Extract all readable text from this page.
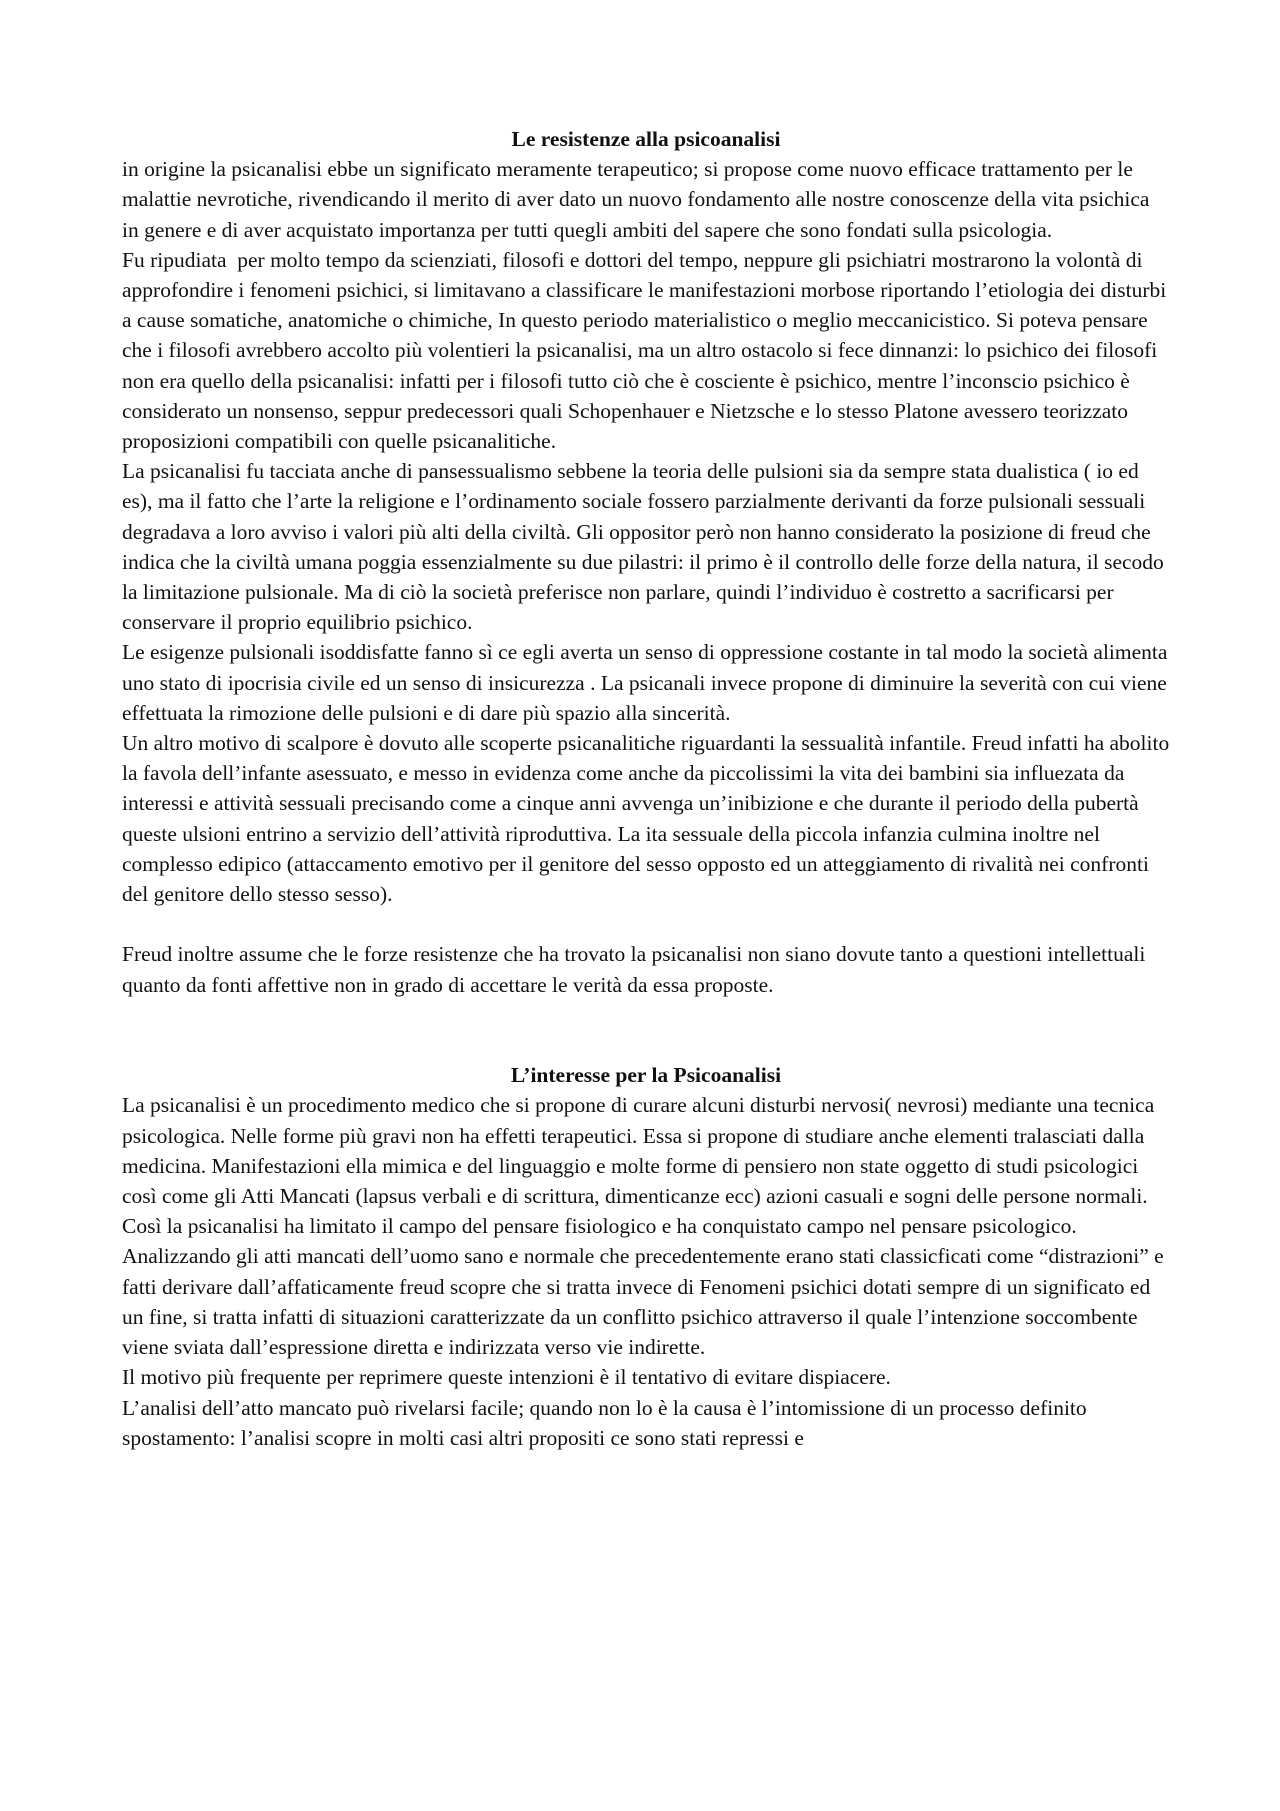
Le resistenze alla psicoanalisi

in origine la psicanalisi ebbe un significato meramente terapeutico; si propose come nuovo efficace trattamento per le malattie nevrotiche, rivendicando il merito di aver dato un nuovo fondamento alle nostre conoscenze della vita psichica in genere e di aver acquistato importanza per tutti quegli ambiti del sapere che sono fondati sulla psicologia.

Fu ripudiata  per molto tempo da scienziati, filosofi e dottori del tempo, neppure gli psichiatri mostrarono la volontà di approfondire i fenomeni psichici, si limitavano a classificare le manifestazioni morbose riportando l’etiologia dei disturbi a cause somatiche, anatomiche o chimiche, In questo periodo materialistico o meglio meccanicistico. Si poteva pensare che i filosofi avrebbero accolto più volentieri la psicanalisi, ma un altro ostacolo si fece dinnanzi: lo psichico dei filosofi non era quello della psicanalisi: infatti per i filosofi tutto ciò che è cosciente è psichico, mentre l’inconscio psichico è considerato un nonsenso, seppur predecessori quali Schopenhauer e Nietzsche e lo stesso Platone avessero teorizzato proposizioni compatibili con quelle psicanalitiche.

La psicanalisi fu tacciata anche di pansessualismo sebbene la teoria delle pulsioni sia da sempre stata dualistica ( io ed es), ma il fatto che l’arte la religione e l’ordinamento sociale fossero parzialmente derivanti da forze pulsionali sessuali degradava a loro avviso i valori più alti della civiltà. Gli oppositor però non hanno considerato la posizione di freud che indica che la civiltà umana poggia essenzialmente su due pilastri: il primo è il controllo delle forze della natura, il secodo la limitazione pulsionale. Ma di ciò la società preferisce non parlare, quindi l’individuo è costretto a sacrificarsi per conservare il proprio equilibrio psichico.

Le esigenze pulsionali isoddisfatte fanno sì ce egli averta un senso di oppressione costante in tal modo la società alimenta uno stato di ipocrisia civile ed un senso di insicurezza . La psicanali invece propone di diminuire la severità con cui viene effettuata la rimozione delle pulsioni e di dare più spazio alla sincerità.

Un altro motivo di scalpore è dovuto alle scoperte psicanalitiche riguardanti la sessualità infantile. Freud infatti ha abolito la favola dell’infante asessuato, e messo in evidenza come anche da piccolissimi la vita dei bambini sia influezata da interessi e attività sessuali precisando come a cinque anni avvenga un’inibizione e che durante il periodo della pubertà queste ulsioni entrino a servizio dell’attività riproduttiva. La ita sessuale della piccola infanzia culmina inoltre nel complesso edipico (attaccamento emotivo per il genitore del sesso opposto ed un atteggiamento di rivalità nei confronti del genitore dello stesso sesso).

Freud inoltre assume che le forze resistenze che ha trovato la psicanalisi non siano dovute tanto a questioni intellettuali quanto da fonti affettive non in grado di accettare le verità da essa proposte.

L’interesse per la Psicoanalisi

La psicanalisi è un procedimento medico che si propone di curare alcuni disturbi nervosi( nevrosi) mediante una tecnica psicologica. Nelle forme più gravi non ha effetti terapeutici. Essa si propone di studiare anche elementi tralasciati dalla medicina. Manifestazioni ella mimica e del linguaggio e molte forme di pensiero non state oggetto di studi psicologici così come gli Atti Mancati (lapsus verbali e di scrittura, dimenticanze ecc) azioni casuali e sogni delle persone normali.

Così la psicanalisi ha limitato il campo del pensare fisiologico e ha conquistato campo nel pensare psicologico.

Analizzando gli atti mancati dell’uomo sano e normale che precedentemente erano stati classicficati come “distrazioni” e fatti derivare dall’affaticamente freud scopre che si tratta invece di Fenomeni psichici dotati sempre di un significato ed un fine, si tratta infatti di situazioni caratterizzate da un conflitto psichico attraverso il quale l’intenzione soccombente viene sviata dall’espressione diretta e indirizzata verso vie indirette.

Il motivo più frequente per reprimere queste intenzioni è il tentativo di evitare dispiacere.

L’analisi dell’atto mancato può rivelarsi facile; quando non lo è la causa è l’intomissione di un processo definito spostamento: l’analisi scopre in molti casi altri propositi ce sono stati repressi e
